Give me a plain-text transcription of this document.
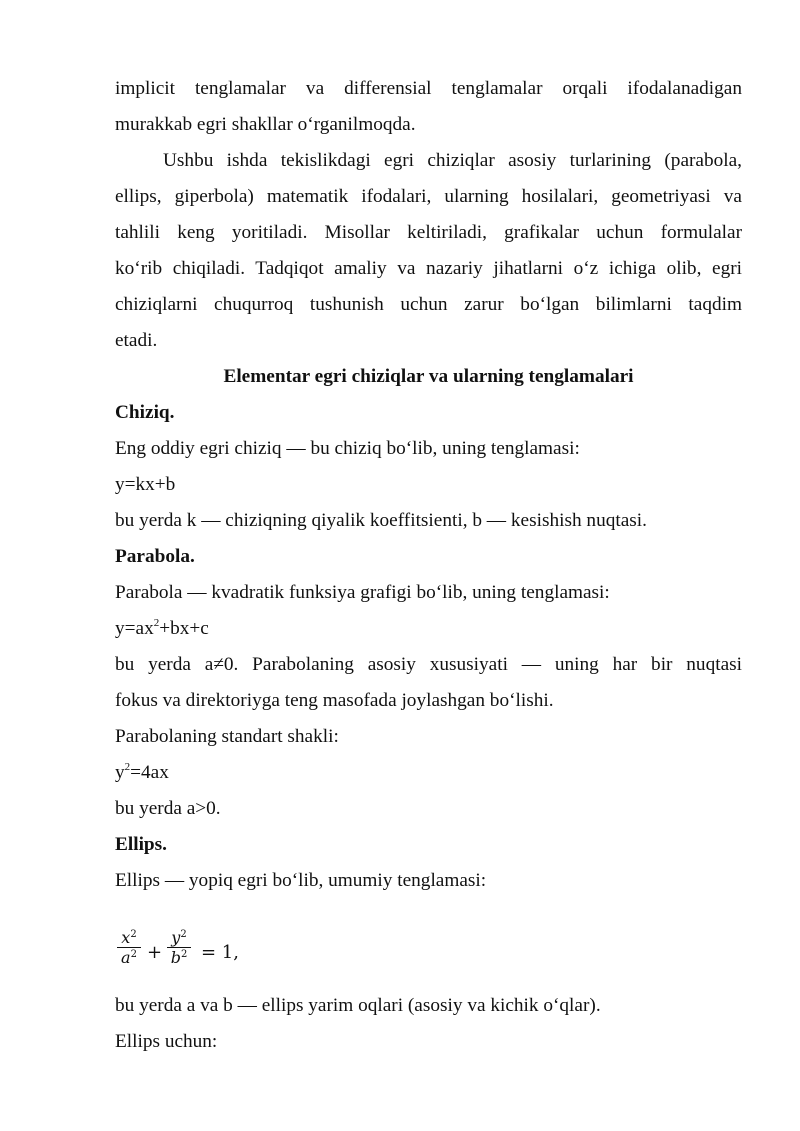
implicit tenglamalar va differensial tenglamalar orqali ifodalanadigan
murakkab egri shakllar oʻrganilmoqda.
Ushbu ishda tekislikdagi egri chiziqlar asosiy turlarining (parabola,
ellips, giperbola) matematik ifodalari, ularning hosilalari, geometriyasi va
tahlili keng yoritiladi. Misollar keltiriladi, grafikalar uchun formulalar
koʻrib chiqiladi. Tadqiqot amaliy va nazariy jihatlarni oʻz ichiga olib, egri
chiziqlarni chuqurroq tushunish uchun zarur boʻlgan bilimlarni taqdim
etadi.
Elementar egri chiziqlar va ularning tenglamalari
Chiziq.
Eng oddiy egri chiziq — bu chiziq boʻlib, uning tenglamasi:
y=kx+b
bu yerda k — chiziqning qiyalik koeffitsienti, b — kesishish nuqtasi.
Parabola.
Parabola — kvadratik funksiya grafigi boʻlib, uning tenglamasi:
$y=ax^2+bx+c$
bu yerda a≠0. Parabolaning asosiy xususiyati — uning har bir nuqtasi
fokus va direktoriyga teng masofada joylashgan boʻlishi.
Parabolaning standart shakli:
$y^2=4ax$
bu yerda a>0.
Ellips.
Ellips — yopiq egri boʻlib, umumiy tenglamasi:
$x^2$
$a^2$ +
$y^2$
$b^2 = 1$,
bu yerda a va b — ellips yarim oqlari (asosiy va kichik oʻqlar).
Ellips uchun:
